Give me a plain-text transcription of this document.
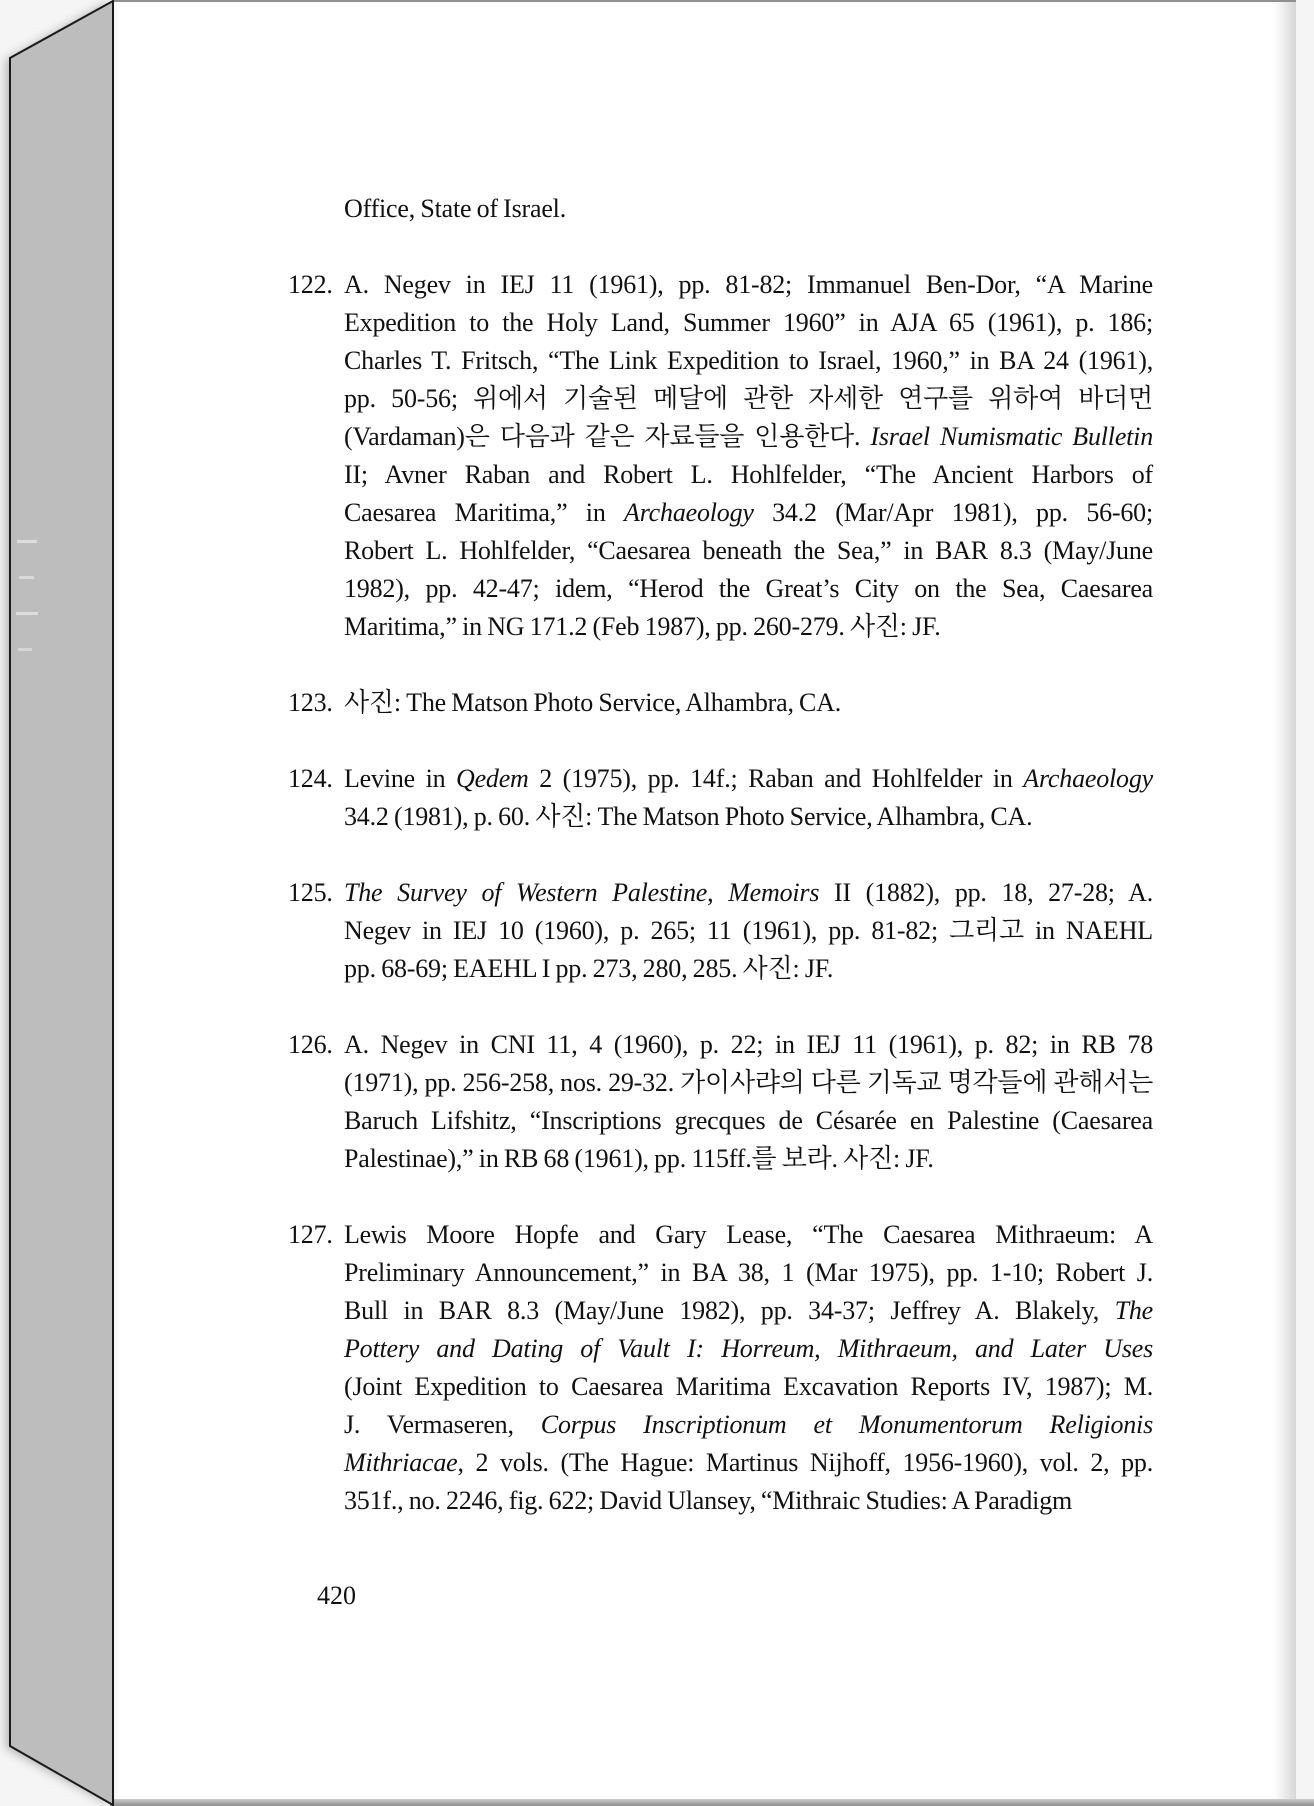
Office, State of Israel.
122. A. Negev in IEJ 11 (1961), pp. 81-82; Immanuel Ben-Dor, “A Marine
Expedition to the Holy Land, Summer 1960” in AJA 65 (1961), p. 186;
Charles T. Fritsch, “The Link Expedition to Israel, 1960,” in BA 24 (1961),
pp. 50-56; 위에서 기술된 메달에 관한 자세한 연구를 위하여 바더먼
(Vardaman)은 다음과 같은 자료들을 인용한다. Israel Numismatic Bulletin
II; Avner Raban and Robert L. Hohlfelder, “The Ancient Harbors of
Caesarea Maritima,” in Archaeology 34.2 (Mar/Apr 1981), pp. 56-60;
Robert L. Hohlfelder, “Caesarea beneath the Sea,” in BAR 8.3 (May/June
1982), pp. 42-47; idem, “Herod the Great’s City on the Sea, Caesarea
Maritima,” in NG 171.2 (Feb 1987), pp. 260-279. 사진: JF.
123. 사진: The Matson Photo Service, Alhambra, CA.
124. Levine in Qedem 2 (1975), pp. 14f.; Raban and Hohlfelder in Archaeology
34.2 (1981), p. 60. 사진: The Matson Photo Service, Alhambra, CA.
125. The Survey of Western Palestine, Memoirs II (1882), pp. 18, 27-28; A.
Negev in IEJ 10 (1960), p. 265; 11 (1961), pp. 81-82; 그리고 in NAEHL
pp. 68-69; EAEHL I pp. 273, 280, 285. 사진: JF.
126. A. Negev in CNI 11, 4 (1960), p. 22; in IEJ 11 (1961), p. 82; in RB 78
(1971), pp. 256-258, nos. 29-32. 가이사랴의 다른 기독교 명각들에 관해서는
Baruch Lifshitz, “Inscriptions grecques de Césarée en Palestine (Caesarea
Palestinae),” in RB 68 (1961), pp. 115ff.를 보라. 사진: JF.
127. Lewis Moore Hopfe and Gary Lease, “The Caesarea Mithraeum: A
Preliminary Announcement,” in BA 38, 1 (Mar 1975), pp. 1-10; Robert J.
Bull in BAR 8.3 (May/June 1982), pp. 34-37; Jeffrey A. Blakely, The
Pottery and Dating of Vault I: Horreum, Mithraeum, and Later Uses
(Joint Expedition to Caesarea Maritima Excavation Reports IV, 1987); M.
J. Vermaseren, Corpus Inscriptionum et Monumentorum Religionis
Mithriacae, 2 vols. (The Hague: Martinus Nijhoff, 1956-1960), vol. 2, pp.
351f., no. 2246, fig. 622; David Ulansey, “Mithraic Studies: A Paradigm
420
